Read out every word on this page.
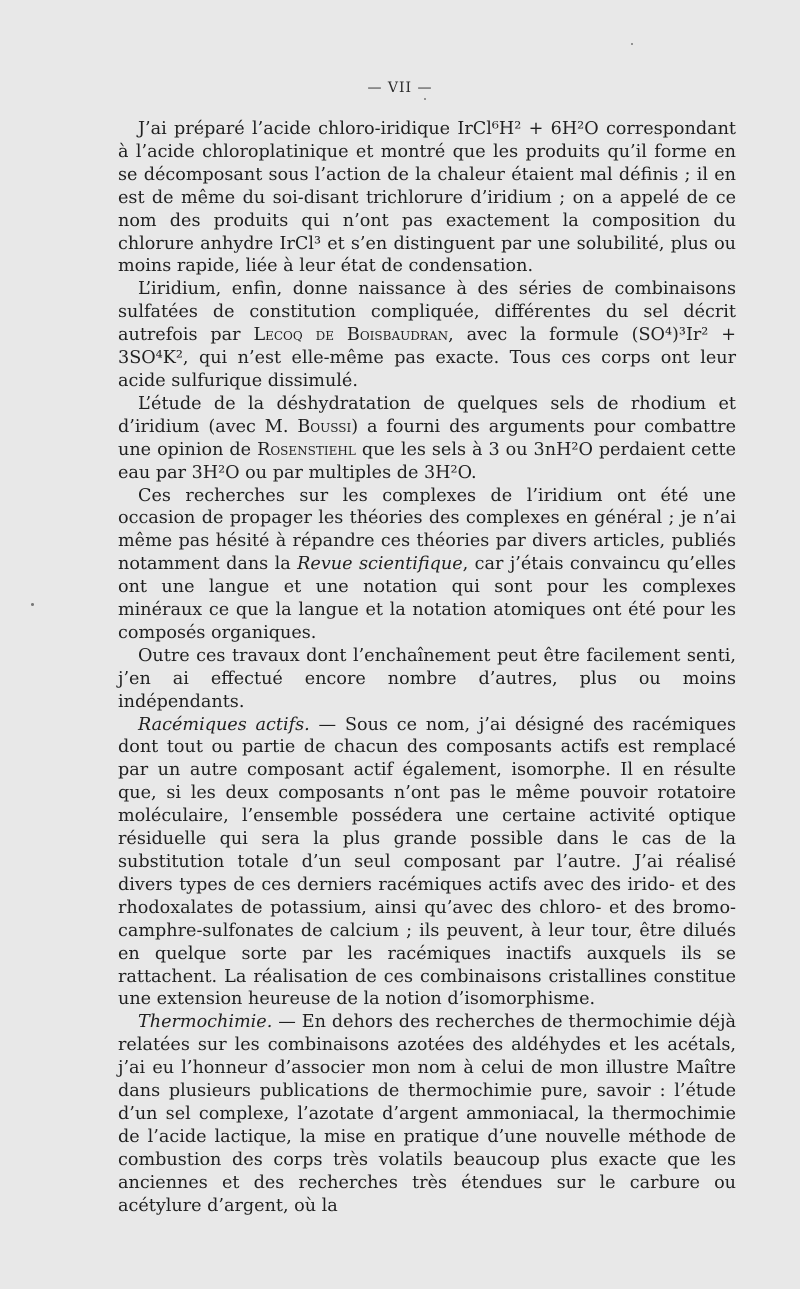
— VII —

J’ai préparé l’acide chloro-iridique IrCl⁶H² + 6H²O correspondant à l’acide chloroplatinique et montré que les produits qu’il forme en se décomposant sous l’action de la chaleur étaient mal définis ; il en est de même du soi-disant trichlorure d’iridium ; on a appelé de ce nom des produits qui n’ont pas exactement la composition du chlorure anhydre IrCl³ et s’en distinguent par une solubilité, plus ou moins rapide, liée à leur état de condensation.

L’iridium, enfin, donne naissance à des séries de combinaisons sulfatées de constitution compliquée, différentes du sel décrit autrefois par Lecoq de Boisbaudran, avec la formule (SO⁴)³Ir² + 3SO⁴K², qui n’est elle-même pas exacte. Tous ces corps ont leur acide sulfurique dissimulé.

L’étude de la déshydratation de quelques sels de rhodium et d’iridium (avec M. Boussi) a fourni des arguments pour combattre une opinion de Rosenstiehl que les sels à 3 ou 3nH²O perdaient cette eau par 3H²O ou par multiples de 3H²O.

Ces recherches sur les complexes de l’iridium ont été une occasion de propager les théories des complexes en général ; je n’ai même pas hésité à répandre ces théories par divers articles, publiés notamment dans la Revue scientifique, car j’étais convaincu qu’elles ont une langue et une notation qui sont pour les complexes minéraux ce que la langue et la notation atomiques ont été pour les composés organiques.

Outre ces travaux dont l’enchaînement peut être facilement senti, j’en ai effectué encore nombre d’autres, plus ou moins indépendants.

Racémiques actifs. — Sous ce nom, j’ai désigné des racémiques dont tout ou partie de chacun des composants actifs est remplacé par un autre composant actif également, isomorphe. Il en résulte que, si les deux composants n’ont pas le même pouvoir rotatoire moléculaire, l’ensemble possédera une certaine activité optique résiduelle qui sera la plus grande possible dans le cas de la substitution totale d’un seul composant par l’autre. J’ai réalisé divers types de ces derniers racémiques actifs avec des irido- et des rhodoxalates de potassium, ainsi qu’avec des chloro- et des bromo-camphre-sulfonates de calcium ; ils peuvent, à leur tour, être dilués en quelque sorte par les racémiques inactifs auxquels ils se rattachent. La réalisation de ces combinaisons cristallines constitue une extension heureuse de la notion d’isomorphisme.

Thermochimie. — En dehors des recherches de thermochimie déjà relatées sur les combinaisons azotées des aldéhydes et les acétals, j’ai eu l’honneur d’associer mon nom à celui de mon illustre Maître dans plusieurs publications de thermochimie pure, savoir : l’étude d’un sel complexe, l’azotate d’argent ammoniacal, la thermochimie de l’acide lactique, la mise en pratique d’une nouvelle méthode de combustion des corps très volatils beaucoup plus exacte que les anciennes et des recherches très étendues sur le carbure ou acétylure d’argent, où la
